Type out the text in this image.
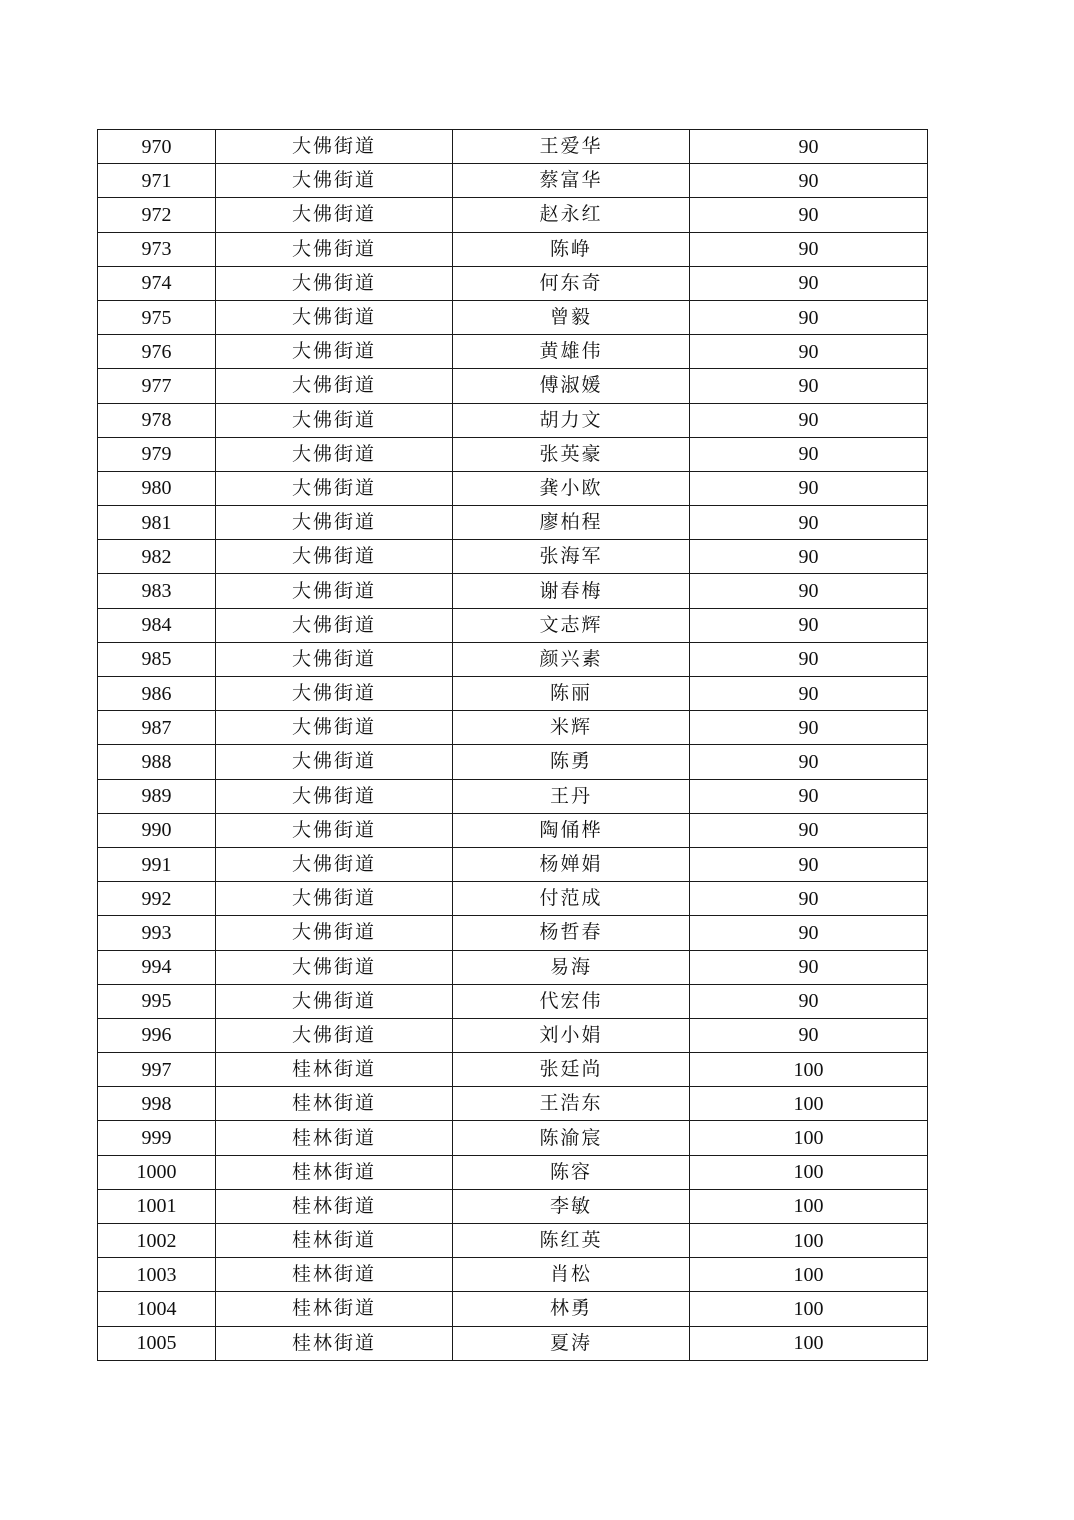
970	大佛街道	王爱华	90
971	大佛街道	蔡富华	90
972	大佛街道	赵永红	90
973	大佛街道	陈峥	90
974	大佛街道	何东奇	90
975	大佛街道	曾毅	90
976	大佛街道	黄雄伟	90
977	大佛街道	傅淑媛	90
978	大佛街道	胡力文	90
979	大佛街道	张英豪	90
980	大佛街道	龚小欧	90
981	大佛街道	廖柏程	90
982	大佛街道	张海军	90
983	大佛街道	谢春梅	90
984	大佛街道	文志辉	90
985	大佛街道	颜兴素	90
986	大佛街道	陈丽	90
987	大佛街道	米辉	90
988	大佛街道	陈勇	90
989	大佛街道	王丹	90
990	大佛街道	陶俑桦	90
991	大佛街道	杨婵娟	90
992	大佛街道	付范成	90
993	大佛街道	杨哲春	90
994	大佛街道	易海	90
995	大佛街道	代宏伟	90
996	大佛街道	刘小娟	90
997	桂林街道	张廷尚	100
998	桂林街道	王浩东	100
999	桂林街道	陈渝宸	100
1000	桂林街道	陈容	100
1001	桂林街道	李敏	100
1002	桂林街道	陈红英	100
1003	桂林街道	肖松	100
1004	桂林街道	林勇	100
1005	桂林街道	夏涛	100
